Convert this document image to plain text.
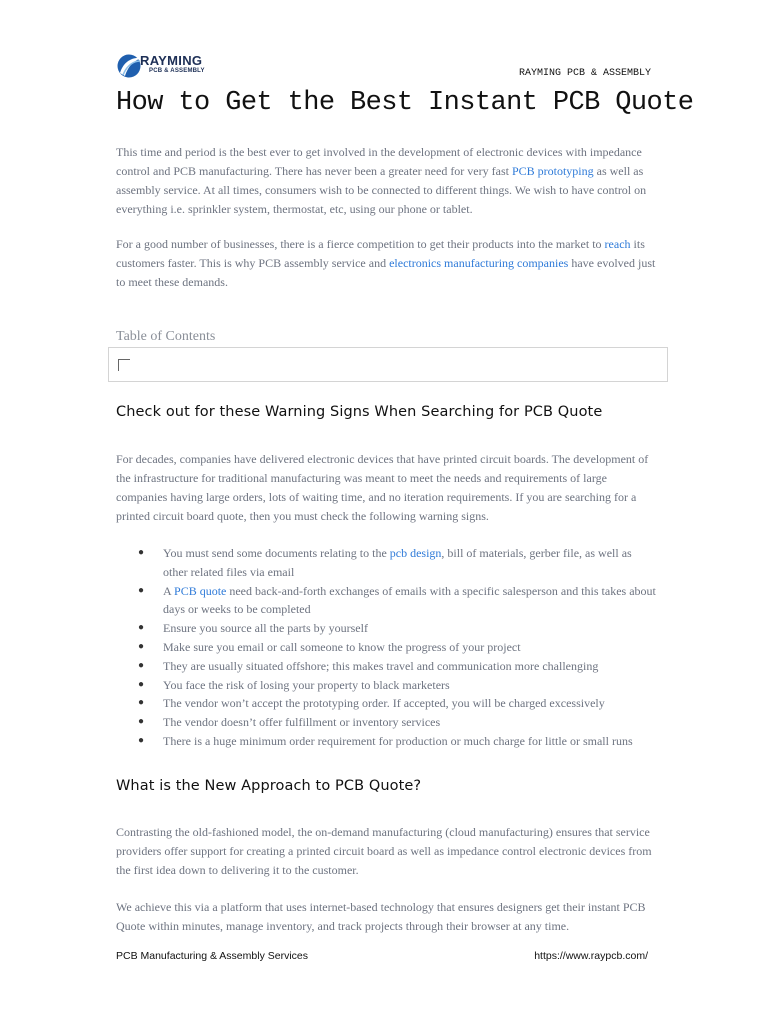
RAYMING
PCB & ASSEMBLY	RAYMING PCB & ASSEMBLY
How to Get the Best Instant PCB Quote

This time and period is the best ever to get involved in the development of electronic devices with impedance control and PCB manufacturing. There has never been a greater need for very fast PCB prototyping as well as assembly service. At all times, consumers wish to be connected to different things. We wish to have control on everything i.e. sprinkler system, thermostat, etc, using our phone or tablet.

For a good number of businesses, there is a fierce competition to get their products into the market to reach its customers faster. This is why PCB assembly service and electronics manufacturing companies have evolved just to meet these demands.

Table of Contents
Check out for these Warning Signs When Searching for PCB Quote

For decades, companies have delivered electronic devices that have printed circuit boards. The development of the infrastructure for traditional manufacturing was meant to meet the needs and requirements of large companies having large orders, lots of waiting time, and no iteration requirements. If you are searching for a printed circuit board quote, then you must check the following warning signs.

● You must send some documents relating to the pcb design, bill of materials, gerber file, as well as other related files via email
● A PCB quote need back-and-forth exchanges of emails with a specific salesperson and this takes about days or weeks to be completed
● Ensure you source all the parts by yourself
● Make sure you email or call someone to know the progress of your project
● They are usually situated offshore; this makes travel and communication more challenging
● You face the risk of losing your property to black marketers
● The vendor won’t accept the prototyping order. If accepted, you will be charged excessively
● The vendor doesn’t offer fulfillment or inventory services
● There is a huge minimum order requirement for production or much charge for little or small runs
What is the New Approach to PCB Quote?

Contrasting the old-fashioned model, the on-demand manufacturing (cloud manufacturing) ensures that service providers offer support for creating a printed circuit board as well as impedance control electronic devices from the first idea down to delivering it to the customer.

We achieve this via a platform that uses internet-based technology that ensures designers get their instant PCB Quote within minutes, manage inventory, and track projects through their browser at any time.

PCB Manufacturing & Assembly Services	https://www.raypcb.com/
